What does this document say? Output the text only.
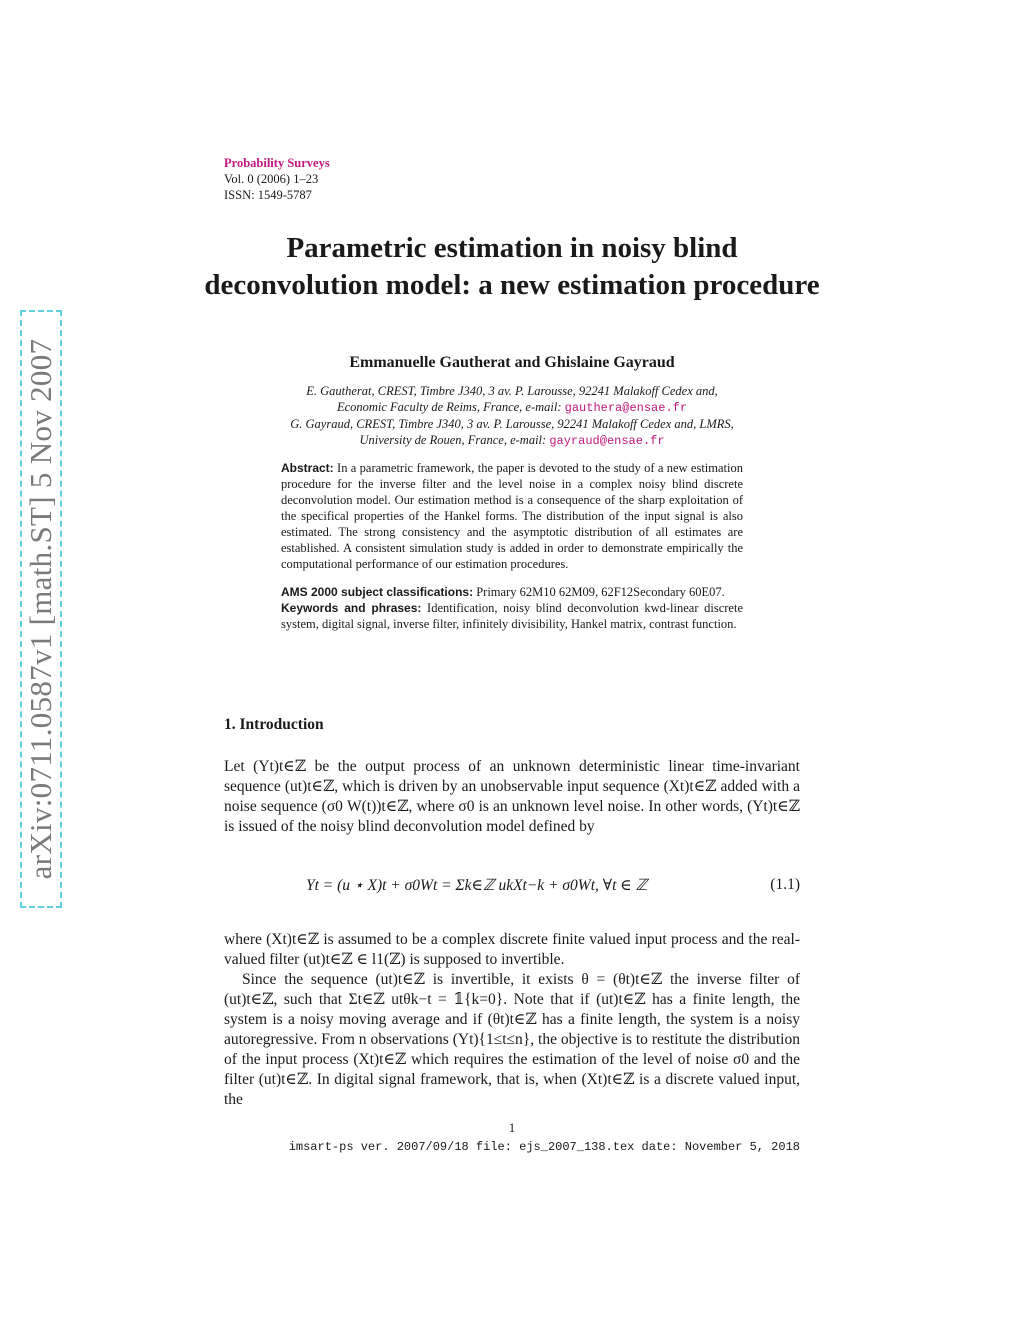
arXiv:0711.0587v1 [math.ST] 5 Nov 2007
Probability Surveys
Vol. 0 (2006) 1–23
ISSN: 1549-5787
Parametric estimation in noisy blind deconvolution model: a new estimation procedure
Emmanuelle Gautherat and Ghislaine Gayraud
E. Gautherat, CREST, Timbre J340, 3 av. P. Larousse, 92241 Malakoff Cedex and,
Economic Faculty de Reims, France, e-mail: gauthera@ensae.fr
G. Gayraud, CREST, Timbre J340, 3 av. P. Larousse, 92241 Malakoff Cedex and, LMRS,
University de Rouen, France, e-mail: gayraud@ensae.fr

Abstract: In a parametric framework, the paper is devoted to the study of a new estimation procedure for the inverse filter and the level noise in a complex noisy blind discrete deconvolution model. Our estimation method is a consequence of the sharp exploitation of the specifical properties of the Hankel forms. The distribution of the input signal is also estimated. The strong consistency and the asymptotic distribution of all estimates are established. A consistent simulation study is added in order to demonstrate empirically the computational performance of our estimation procedures.

AMS 2000 subject classifications: Primary 62M10 62M09, 62F12Secondary 60E07.

Keywords and phrases: Identification, noisy blind deconvolution kwd-linear discrete system, digital signal, inverse filter, infinitely divisibility, Hankel matrix, contrast function.

1. Introduction

Let (Yt)t∈ℤ be the output process of an unknown deterministic linear time-invariant sequence (ut)t∈ℤ, which is driven by an unobservable input sequence (Xt)t∈ℤ added with a noise sequence (σ0 W(t))t∈ℤ, where σ0 is an unknown level noise. In other words, (Yt)t∈ℤ is issued of the noisy blind deconvolution model defined by

Yt = (u ⋆ X)t + σ0Wt = Σk∈ℤ ukXt−k + σ0Wt, ∀t ∈ ℤ	(1.1)

where (Xt)t∈ℤ is assumed to be a complex discrete finite valued input process and the real-valued filter (ut)t∈ℤ ∈ l1(ℤ) is supposed to invertible.

Since the sequence (ut)t∈ℤ is invertible, it exists θ = (θt)t∈ℤ the inverse filter of (ut)t∈ℤ, such that Σt∈ℤ utθk−t = 𝟙{k=0}. Note that if (ut)t∈ℤ has a finite length, the system is a noisy moving average and if (θt)t∈ℤ has a finite length, the system is a noisy autoregressive. From n observations (Yt){1≤t≤n}, the objective is to restitute the distribution of the input process (Xt)t∈ℤ which requires the estimation of the level of noise σ0 and the filter (ut)t∈ℤ. In digital signal framework, that is, when (Xt)t∈ℤ is a discrete valued input, the

1
imsart-ps ver. 2007/09/18 file: ejs_2007_138.tex date: November 5, 2018
